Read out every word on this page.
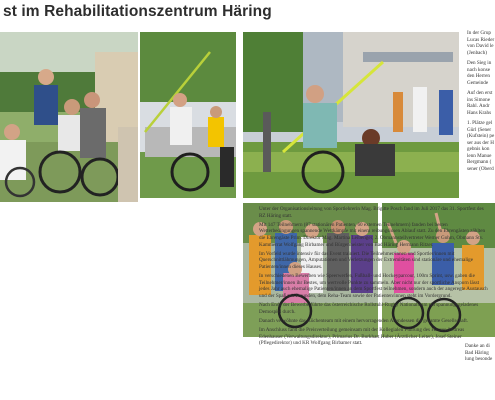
st im Rehabilitationszentrum Häring

Unter der Organisationsleitung von Sportlehrerin Mag. Brigitte Posch fand im Juli 2017 das 31. Sportfest des RZ Häring statt.

Mit 147 Teilnehmern (87 stationären Patienten, 60 externen Teilnehmern) fanden bei besten Wetterbedingungen spannende Wettkämpfe mit einem reibungslosen Ablauf statt. Zu den Ehrengästen zählten die Ehrengäste Prim. Direktor Mag. Martina Leibenger, 2. Obmannstellvertreter Werner Gohm, Obmann Stv. Kammerrat Wolfgang Birbamer und Bürgermeister von Bad Häring Hermann Ritzer.

Im Vorfeld wurde intensiv für das Event trainiert. Die Teilnehmer/innen und Sportler/innen mit Querschnittlähmungen, Amputationen und Verletzungen der Extremitäten sind stationäre und ehemalige Patienten/innen dieses Hauses.

In verschiedenen Bewerben wie Speerwerfen, Fußball- und Hockeyparcour, 100m Sprint, usw. gaben die Teilnehmer/innen ihr Bestes, um wertvolle Punkte zu sammeln. Aber nicht nur der sportliche Ansporn lässt jedes Jahr auch ehemalige Patienten/innen an dem Sportfest teilnehmen, sondern auch der angeregte Austausch und der Spaß mit Freunden, dem Reha-Team sowie der Patienten/innen steht im Vordergrund.

Nach Ende der Bewerbe führte das österreichische Rollstuhl-Rugby Nationalteam ein spannungsgeladenes Demospiel durch.

Danach verwöhnte das Küchenteam mit einem hervorragenden Abendessen die gesamte Gesellschaft.

Im Anschluss fand die Preisverteilung gemeinsam mit der Kollegialen Führung des Hauses Andreas Edenhauser (Verwaltungsdirektor), Primarius Dr. Burkhart Huber (Ärztlicher Leiter), Josef Steiner (Pflegedirektor) und KR Wolfgang Birbamer statt.

In der Grup
Lucas Rieder
von David le
(Jenbach)
Den Sieg in
nach konse
den Herren
Gemeinde
Auf den erst
ins Simone
Rahl. Andr
Hans Krahs
1. Plätze gel
Gürl (Sener
(Kufstein) pe
ser aus der H
gebnis kon
lenn Manue
Bergmann (
sener (Oberd
Danke an di
Bad Häring
lung besonde
